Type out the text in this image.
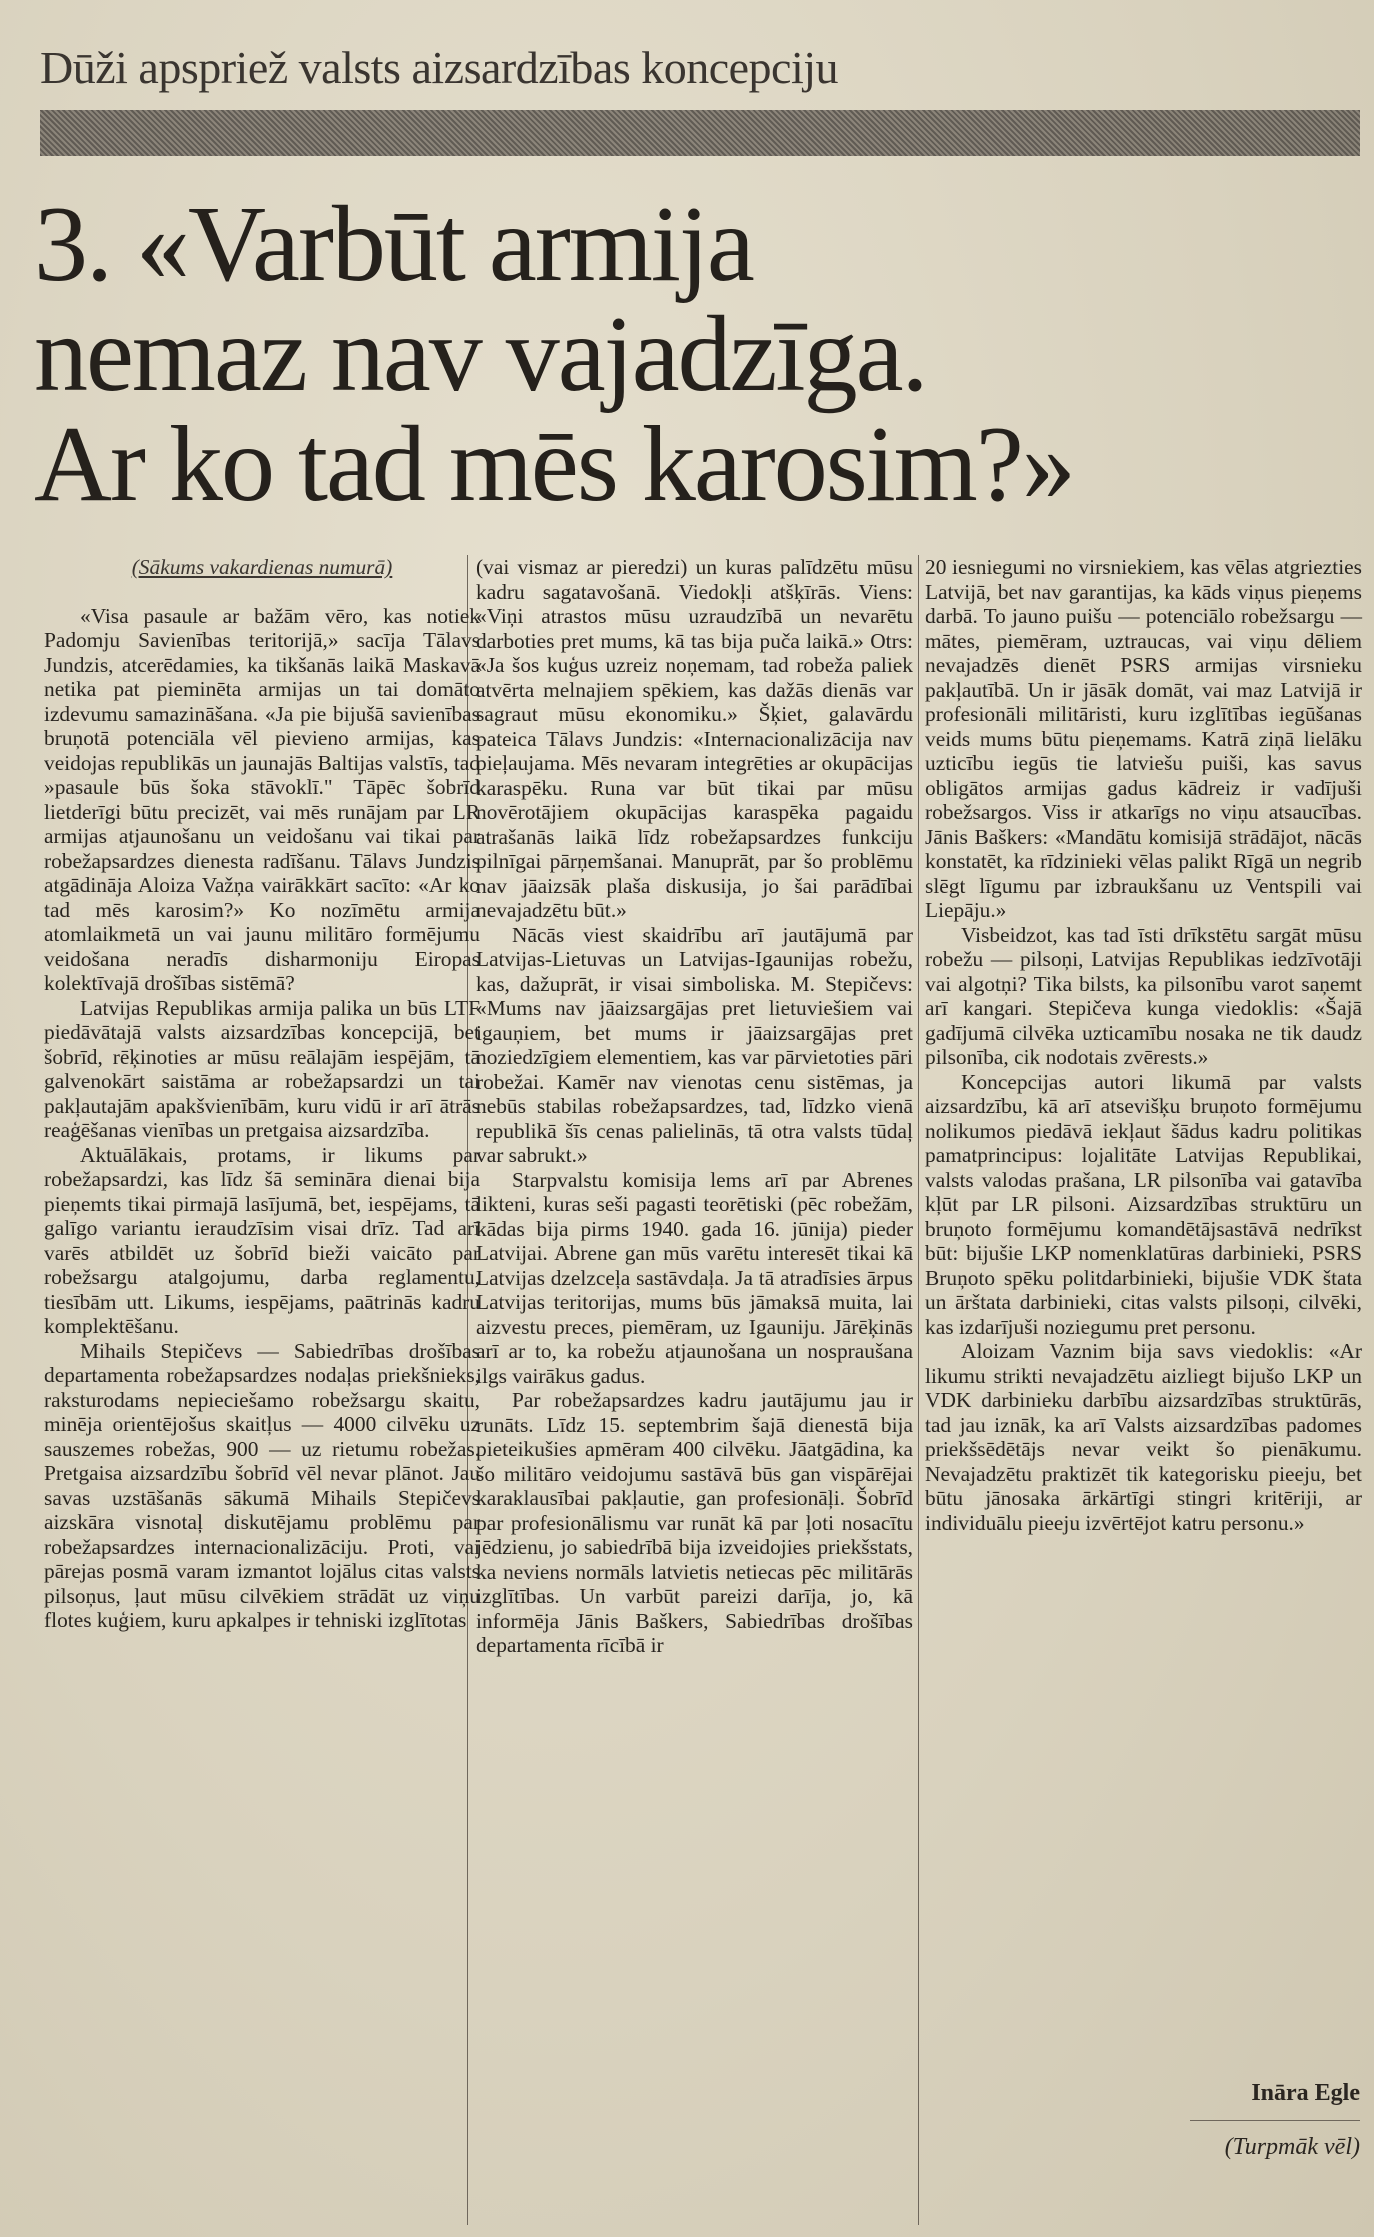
Dūži apspriež valsts aizsardzības koncepciju
3. «Varbūt armija
nemaz nav vajadzīga.
Ar ko tad mēs karosim?»

(Sākums vakardienas numurā)

«Visa pasaule ar bažām vēro, kas notiek Padomju Savienības teritorijā,» sacīja Tālavs Jundzis, atcerēdamies, ka tikšanās laikā Maskavā netika pat pieminēta armijas un tai domāto izdevumu samazināšana. «Ja pie bijušā savienības bruņotā potenciāla vēl pievieno armijas, kas veidojas republikās un jaunajās Baltijas valstīs, tad »pasaule būs šoka stāvoklī." Tāpēc šobrīd lietderīgi būtu precizēt, vai mēs runājam par LR armijas atjaunošanu un veidošanu vai tikai par robežapsardzes dienesta radīšanu. Tālavs Jundzis atgādināja Aloiza Važņa vairākkārt sacīto: «Ar ko tad mēs karosim?» Ko nozīmētu armija atomlaikmetā un vai jaunu militāro formējumu veidošana neradīs disharmoniju Eiropas kolektīvajā drošības sistēmā?

Latvijas Republikas armija palika un būs LTF piedāvātajā valsts aizsardzības koncepcijā, bet šobrīd, rēķinoties ar mūsu reālajām iespējām, tā galvenokārt saistāma ar robežapsardzi un tai pakļautajām apakšvienībām, kuru vidū ir arī ātrās reaģēšanas vienības un pretgaisa aizsardzība.

Aktuālākais, protams, ir likums par robežapsardzi, kas līdz šā semināra dienai bija pieņemts tikai pirmajā lasījumā, bet, iespējams, tā galīgo variantu ieraudzīsim visai drīz. Tad arī varēs atbildēt uz šobrīd bieži vaicāto par robežsargu atalgojumu, darba reglamentu, tiesībām utt. Likums, iespējams, paātrinās kadru komplektēšanu.

Mihails Stepičevs — Sabiedrības drošības departamenta robežapsardzes nodaļas priekšnieks, raksturodams nepieciešamo robežsargu skaitu, minēja orientējošus skaitļus — 4000 cilvēku uz sauszemes robežas, 900 — uz rietumu robežas. Pretgaisa aizsardzību šobrīd vēl nevar plānot. Jau savas uzstāšanās sākumā Mihails Stepičevs aizskāra visnotaļ diskutējamu problēmu par robežapsardzes internacionalizāciju. Proti, vai pārejas posmā varam izmantot lojālus citas valsts pilsoņus, ļaut mūsu cilvēkiem strādāt uz viņu flotes kuģiem, kuru apkalpes ir tehniski izglītotas

(vai vismaz ar pieredzi) un kuras palīdzētu mūsu kadru sagatavošanā. Viedokļi atšķīrās. Viens: «Viņi atrastos mūsu uzraudzībā un nevarētu darboties pret mums, kā tas bija puča laikā.» Otrs: «Ja šos kuģus uzreiz noņemam, tad robeža paliek atvērta melnajiem spēkiem, kas dažās dienās var sagraut mūsu ekonomiku.» Šķiet, galavārdu pateica Tālavs Jundzis: «Internacionalizācija nav pieļaujama. Mēs nevaram integrēties ar okupācijas karaspēku. Runa var būt tikai par mūsu novērotājiem okupācijas karaspēka pagaidu atrašanās laikā līdz robežapsardzes funkciju pilnīgai pārņemšanai. Manuprāt, par šo problēmu nav jāaizsāk plaša diskusija, jo šai parādībai nevajadzētu būt.»

Nācās viest skaidrību arī jautājumā par Latvijas-Lietuvas un Latvijas-Igaunijas robežu, kas, dažuprāt, ir visai simboliska. M. Stepičevs: «Mums nav jāaizsargājas pret lietuviešiem vai igauņiem, bet mums ir jāaizsargājas pret noziedzīgiem elementiem, kas var pārvietoties pāri robežai. Kamēr nav vienotas cenu sistēmas, ja nebūs stabilas robežapsardzes, tad, līdzko vienā republikā šīs cenas palielinās, tā otra valsts tūdaļ var sabrukt.»

Starpvalstu komisija lems arī par Abrenes likteni, kuras seši pagasti teorētiski (pēc robežām, kādas bija pirms 1940. gada 16. jūnija) pieder Latvijai. Abrene gan mūs varētu interesēt tikai kā Latvijas dzelzceļa sastāvdaļa. Ja tā atradīsies ārpus Latvijas teritorijas, mums būs jāmaksā muita, lai aizvestu preces, piemēram, uz Igauniju. Jārēķinās arī ar to, ka robežu atjaunošana un nospraušana ilgs vairākus gadus.

Par robežapsardzes kadru jautājumu jau ir runāts. Līdz 15. septembrim šajā dienestā bija pieteikušies apmēram 400 cilvēku. Jāatgādina, ka šo militāro veidojumu sastāvā būs gan vispārējai karaklausībai pakļautie, gan profesionāļi. Šobrīd par profesionālismu var runāt kā par ļoti nosacītu jēdzienu, jo sabiedrībā bija izveidojies priekšstats, ka neviens normāls latvietis netiecas pēc militārās izglītības. Un varbūt pareizi darīja, jo, kā informēja Jānis Baškers, Sabiedrības drošības departamenta rīcībā ir

20 iesniegumi no virsniekiem, kas vēlas atgriezties Latvijā, bet nav garantijas, ka kāds viņus pieņems darbā. To jauno puišu — potenciālo robežsargu — mātes, piemēram, uztraucas, vai viņu dēliem nevajadzēs dienēt PSRS armijas virsnieku pakļautībā. Un ir jāsāk domāt, vai maz Latvijā ir profesionāli militāristi, kuru izglītības iegūšanas veids mums būtu pieņemams. Katrā ziņā lielāku uzticību iegūs tie latviešu puiši, kas savus obligātos armijas gadus kādreiz ir vadījuši robežsargos. Viss ir atkarīgs no viņu atsaucības. Jānis Baškers: «Mandātu komisijā strādājot, nācās konstatēt, ka rīdzinieki vēlas palikt Rīgā un negrib slēgt līgumu par izbraukšanu uz Ventspili vai Liepāju.»

Visbeidzot, kas tad īsti drīkstētu sargāt mūsu robežu — pilsoņi, Latvijas Republikas iedzīvotāji vai algotņi? Tika bilsts, ka pilsonību varot saņemt arī kangari. Stepičeva kunga viedoklis: «Šajā gadījumā cilvēka uzticamību nosaka ne tik daudz pilsonība, cik nodotais zvērests.»

Koncepcijas autori likumā par valsts aizsardzību, kā arī atsevišķu bruņoto formējumu nolikumos piedāvā iekļaut šādus kadru politikas pamatprincipus: lojalitāte Latvijas Republikai, valsts valodas prašana, LR pilsonība vai gatavība kļūt par LR pilsoni. Aizsardzības struktūru un bruņoto formējumu komandētājsastāvā nedrīkst būt: bijušie LKP nomenklatūras darbinieki, PSRS Bruņoto spēku politdarbinieki, bijušie VDK štata un ārštata darbinieki, citas valsts pilsoņi, cilvēki, kas izdarījuši noziegumu pret personu.

Aloizam Vaznim bija savs viedoklis: «Ar likumu strikti nevajadzētu aizliegt bijušo LKP un VDK darbinieku darbību aizsardzības struktūrās, tad jau iznāk, ka arī Valsts aizsardzības padomes priekšsēdētājs nevar veikt šo pienākumu. Nevajadzētu praktizēt tik kategorisku pieeju, bet būtu jānosaka ārkārtīgi stingri kritēriji, ar individuālu pieeju izvērtējot katru personu.»

Ināra Egle
(Turpmāk vēl)
